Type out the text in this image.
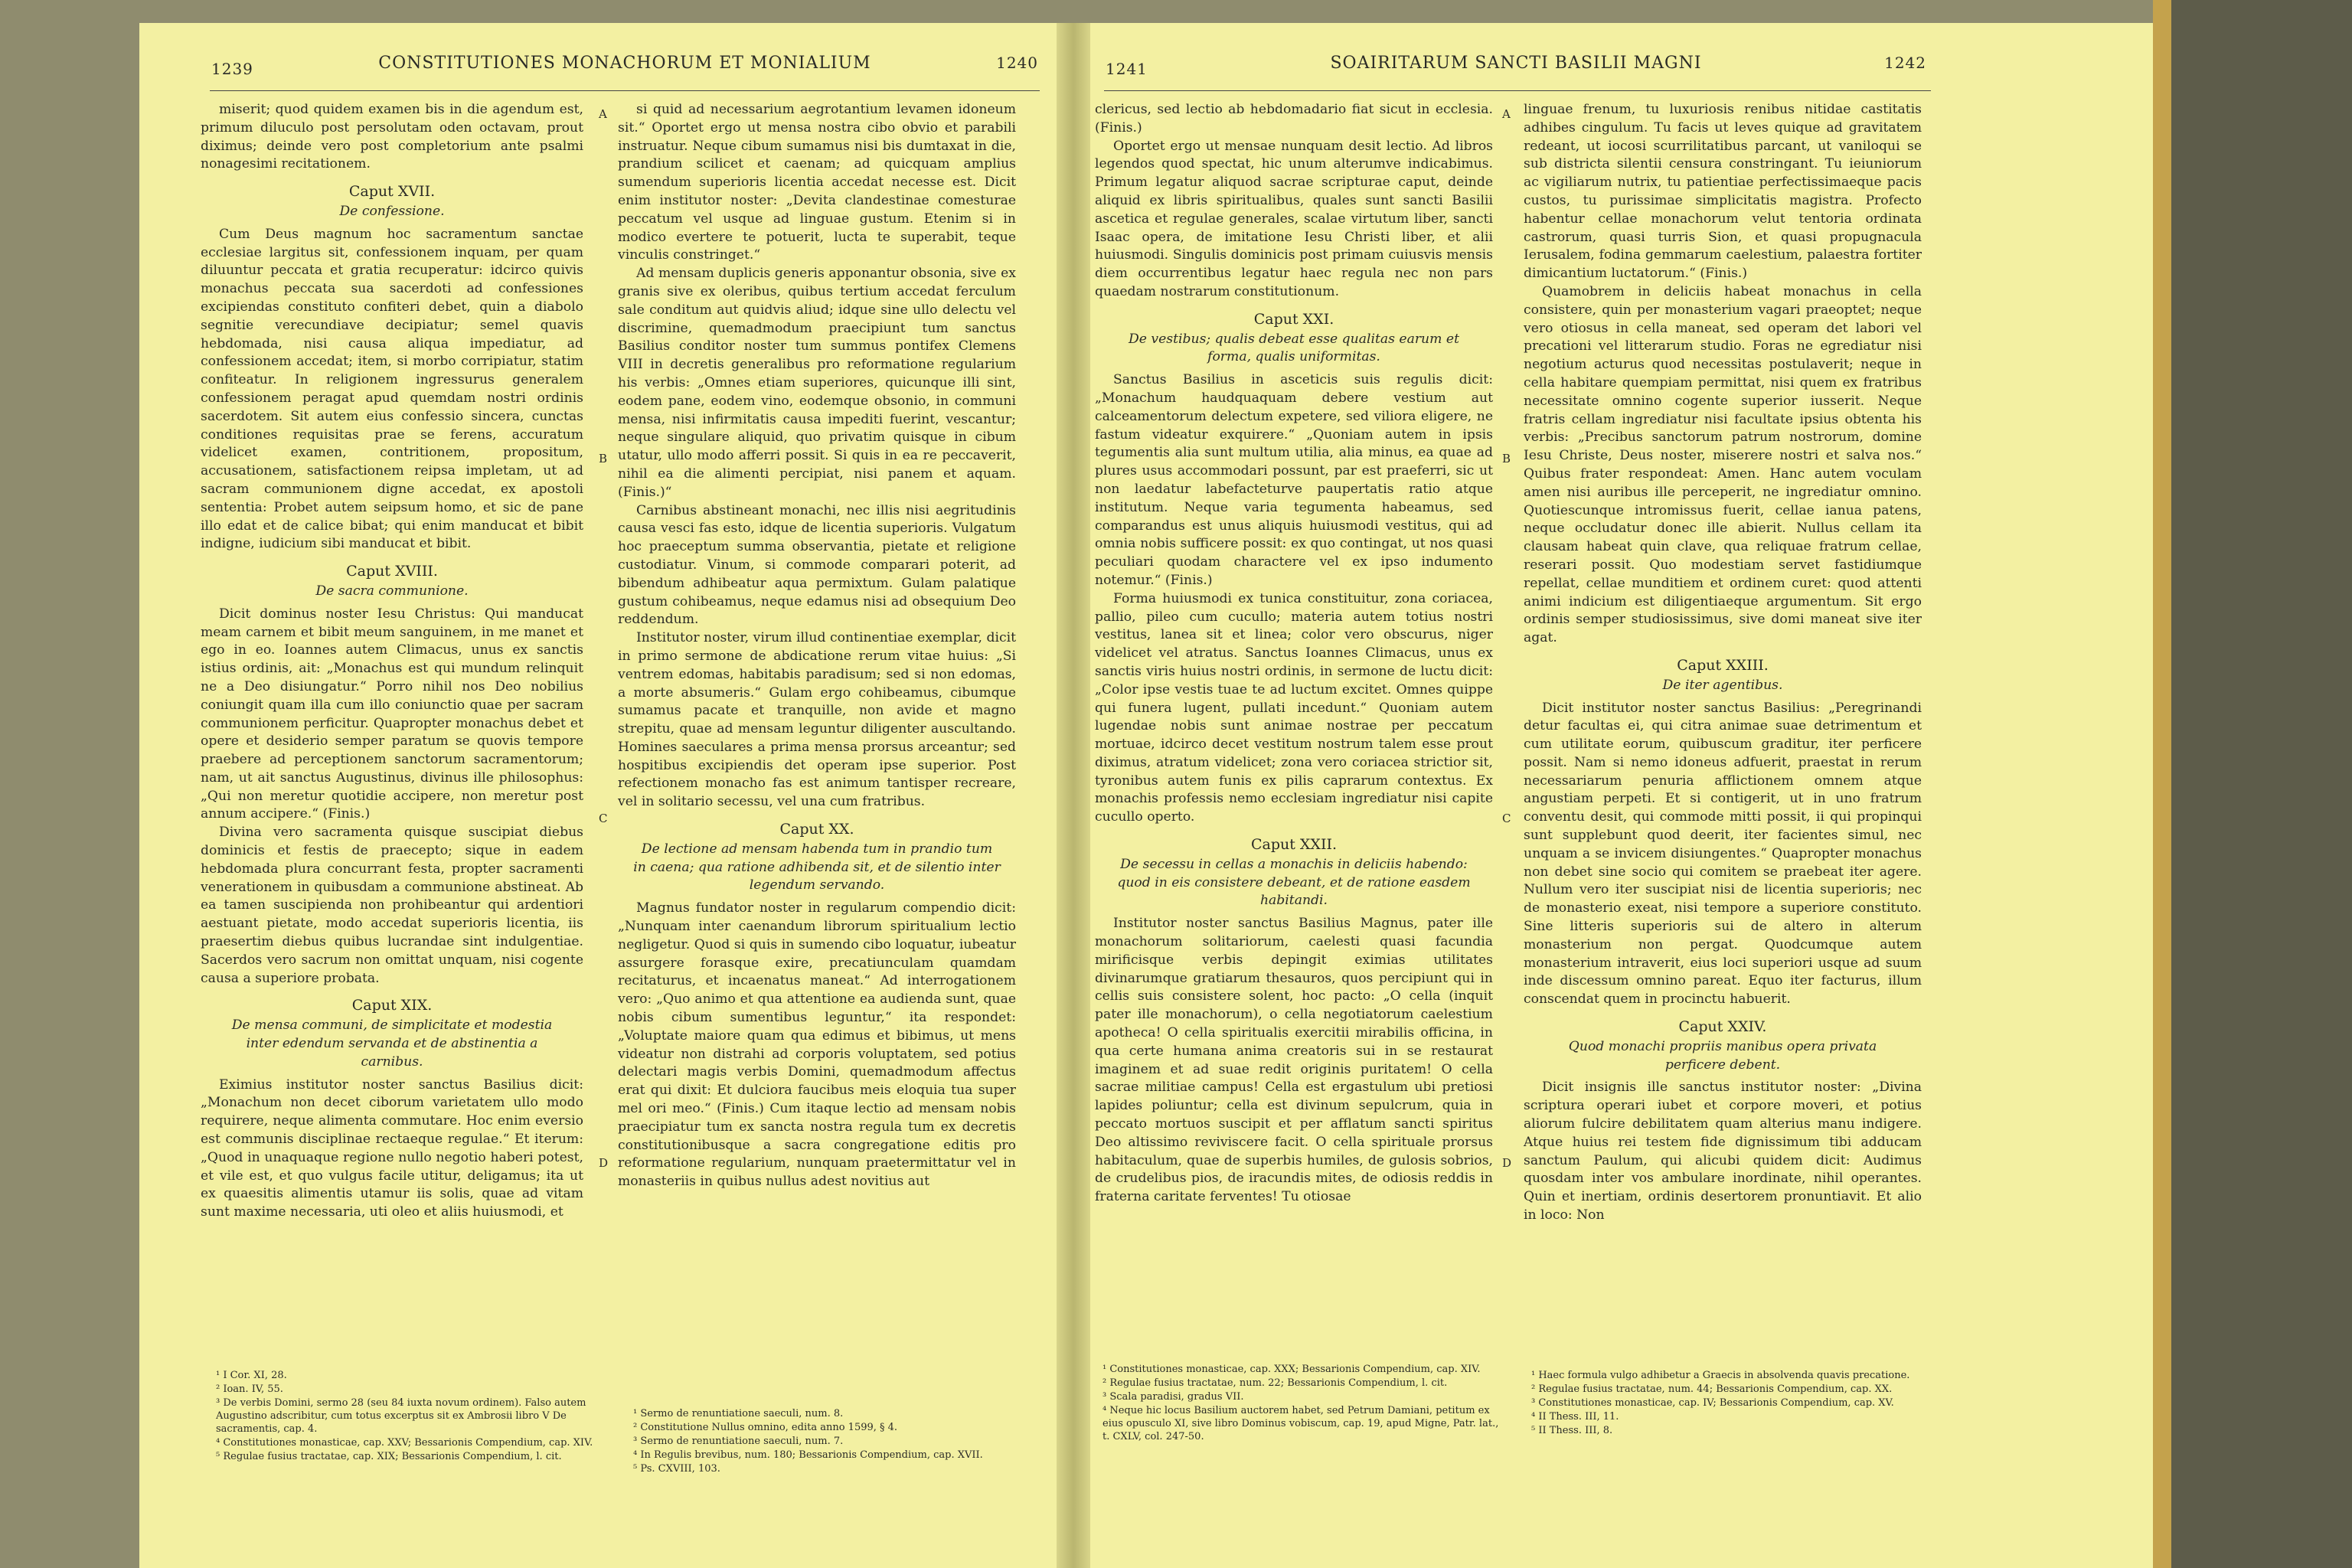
1239	CONSTITUTIONES MONACHORUM ET MONIALIUM	1240

miserit; quod quidem examen bis in die agendum est, primum diluculo post persolutam oden octavam, prout diximus; deinde vero post completorium ante psalmi nonagesimi recitationem.

Caput XVII.
De confessione.

Cum Deus magnum hoc sacramentum sanctae ecclesiae largitus sit, confessionem inquam, per quam diluuntur peccata et gratia recuperatur: idcirco quivis monachus peccata sua sacerdoti ad confessiones excipiendas constituto confiteri debet, quin a diabolo segnitie verecundiave decipiatur; semel quavis hebdomada, nisi causa aliqua impediatur, ad confessionem accedat; item, si morbo corripiatur, statim confiteatur. In religionem ingressurus generalem confessionem peragat apud quemdam nostri ordinis sacerdotem. Sit autem eius confessio sincera, cunctas conditiones requisitas prae se ferens, accuratum videlicet examen, contritionem, propositum, accusationem, satisfactionem reipsa impletam, ut ad sacram communionem digne accedat, ex apostoli sententia: Probet autem seipsum homo, et sic de pane illo edat et de calice bibat; qui enim manducat et bibit indigne, iudicium sibi manducat et bibit.

Caput XVIII.
De sacra communione.

Dicit dominus noster Iesu Christus: Qui manducat meam carnem et bibit meum sanguinem, in me manet et ego in eo. Ioannes autem Climacus, unus ex sanctis istius ordinis, ait: „Monachus est qui mundum relinquit ne a Deo disiungatur.“ Porro nihil nos Deo nobilius coniungit quam illa cum illo coniunctio quae per sacram communionem perficitur. Quapropter monachus debet et opere et desiderio semper paratum se quovis tempore praebere ad perceptionem sanctorum sacramentorum; nam, ut ait sanctus Augustinus, divinus ille philosophus: „Qui non meretur quotidie accipere, non meretur post annum accipere.“ (Finis.)

Divina vero sacramenta quisque suscipiat diebus dominicis et festis de praecepto; sique in eadem hebdomada plura concurrant festa, propter sacramenti venerationem in quibusdam a communione abstineat. Ab ea tamen suscipienda non prohibeantur qui ardentiori aestuant pietate, modo accedat superioris licentia, iis praesertim diebus quibus lucrandae sint indulgentiae. Sacerdos vero sacrum non omittat unquam, nisi cogente causa a superiore probata.

Caput XIX.
De mensa communi, de simplicitate et modestia inter edendum servanda et de abstinentia a carnibus.

Eximius institutor noster sanctus Basilius dicit: „Monachum non decet ciborum varietatem ullo modo requirere, neque alimenta commutare. Hoc enim eversio est communis disciplinae rectaeque regulae.“ Et iterum: „Quod in unaquaque regione nullo negotio haberi potest, et vile est, et quo vulgus facile utitur, deligamus; ita ut ex quaesitis alimentis utamur iis solis, quae ad vitam sunt maxime necessaria, uti oleo et aliis huiusmodi, et

si quid ad necessarium aegrotantium levamen idoneum sit.“ Oportet ergo ut mensa nostra cibo obvio et parabili instruatur. Neque cibum sumamus nisi bis dumtaxat in die, prandium scilicet et caenam; ad quicquam amplius sumendum superioris licentia accedat necesse est. Dicit enim institutor noster: „Devita clandestinae comesturae peccatum vel usque ad linguae gustum. Etenim si in modico evertere te potuerit, lucta te superabit, teque vinculis constringet.“

Ad mensam duplicis generis apponantur obsonia, sive ex granis sive ex oleribus, quibus tertium accedat ferculum sale conditum aut quidvis aliud; idque sine ullo delectu vel discrimine, quemadmodum praecipiunt tum sanctus Basilius conditor noster tum summus pontifex Clemens VIII in decretis generalibus pro reformatione regularium his verbis: „Omnes etiam superiores, quicunque illi sint, eodem pane, eodem vino, eodemque obsonio, in communi mensa, nisi infirmitatis causa impediti fuerint, vescantur; neque singulare aliquid, quo privatim quisque in cibum utatur, ullo modo afferri possit. Si quis in ea re peccaverit, nihil ea die alimenti percipiat, nisi panem et aquam. (Finis.)“

Carnibus abstineant monachi, nec illis nisi aegritudinis causa vesci fas esto, idque de licentia superioris. Vulgatum hoc praeceptum summa observantia, pietate et religione custodiatur. Vinum, si commode comparari poterit, ad bibendum adhibeatur aqua permixtum. Gulam palatique gustum cohibeamus, neque edamus nisi ad obsequium Deo reddendum.

Institutor noster, virum illud continentiae exemplar, dicit in primo sermone de abdicatione rerum vitae huius: „Si ventrem edomas, habitabis paradisum; sed si non edomas, a morte absumeris.“ Gulam ergo cohibeamus, cibumque sumamus pacate et tranquille, non avide et magno strepitu, quae ad mensam leguntur diligenter auscultando. Homines saeculares a prima mensa prorsus arceantur; sed hospitibus excipiendis det operam ipse superior. Post refectionem monacho fas est animum tantisper recreare, vel in solitario secessu, vel una cum fratribus.

Caput XX.
De lectione ad mensam habenda tum in prandio tum in caena; qua ratione adhibenda sit, et de silentio inter legendum servando.

Magnus fundator noster in regularum compendio dicit: „Nunquam inter caenandum librorum spiritualium lectio negligetur. Quod si quis in sumendo cibo loquatur, iubeatur assurgere forasque exire, precatiunculam quamdam recitaturus, et incaenatus maneat.“ Ad interrogationem vero: „Quo animo et qua attentione ea audienda sunt, quae nobis cibum sumentibus leguntur,“ ita respondet: „Voluptate maiore quam qua edimus et bibimus, ut mens videatur non distrahi ad corporis voluptatem, sed potius delectari magis verbis Domini, quemadmodum affectus erat qui dixit: Et dulciora faucibus meis eloquia tua super mel ori meo.“ (Finis.) Cum itaque lectio ad mensam nobis praecipiatur tum ex sancta nostra regula tum ex decretis constitutionibusque a sacra congregatione editis pro reformatione regularium, nunquam praetermittatur vel in monasteriis in quibus nullus adest novitius aut

A
B
C
D
¹ I Cor. XI, 28.
² Ioan. IV, 55.
³ De verbis Domini, sermo 28 (seu 84 iuxta novum ordinem). Falso autem Augustino adscribitur, cum totus excerptus sit ex Ambrosii libro V De sacramentis, cap. 4.
⁴ Constitutiones monasticae, cap. XXV; Bessarionis Compendium, cap. XIV.
⁵ Regulae fusius tractatae, cap. XIX; Bessarionis Compendium, l. cit.
¹ Sermo de renuntiatione saeculi, num. 8.
² Constitutione Nullus omnino, edita anno 1599, § 4.
³ Sermo de renuntiatione saeculi, num. 7.
⁴ In Regulis brevibus, num. 180; Bessarionis Compendium, cap. XVII.
⁵ Ps. CXVIII, 103.
1241	SOAIRITARUM SANCTI BASILII MAGNI	1242

clericus, sed lectio ab hebdomadario fiat sicut in ecclesia. (Finis.)

Oportet ergo ut mensae nunquam desit lectio. Ad libros legendos quod spectat, hic unum alterumve indicabimus. Primum legatur aliquod sacrae scripturae caput, deinde aliquid ex libris spiritualibus, quales sunt sancti Basilii ascetica et regulae generales, scalae virtutum liber, sancti Isaac opera, de imitatione Iesu Christi liber, et alii huiusmodi. Singulis dominicis post primam cuiusvis mensis diem occurrentibus legatur haec regula nec non pars quaedam nostrarum constitutionum.

Caput XXI.
De vestibus; qualis debeat esse qualitas earum et forma, qualis uniformitas.

Sanctus Basilius in asceticis suis regulis dicit: „Monachum haudquaquam debere vestium aut calceamentorum delectum expetere, sed viliora eligere, ne fastum videatur exquirere.“ „Quoniam autem in ipsis tegumentis alia sunt multum utilia, alia minus, ea quae ad plures usus accommodari possunt, par est praeferri, sic ut non laedatur labefacteturve paupertatis ratio atque institutum. Neque varia tegumenta habeamus, sed comparandus est unus aliquis huiusmodi vestitus, qui ad omnia nobis sufficere possit: ex quo contingat, ut nos quasi peculiari quodam charactere vel ex ipso indumento notemur.“ (Finis.)

Forma huiusmodi ex tunica constituitur, zona coriacea, pallio, pileo cum cucullo; materia autem totius nostri vestitus, lanea sit et linea; color vero obscurus, niger videlicet vel atratus. Sanctus Ioannes Climacus, unus ex sanctis viris huius nostri ordinis, in sermone de luctu dicit: „Color ipse vestis tuae te ad luctum excitet. Omnes quippe qui funera lugent, pullati incedunt.“ Quoniam autem lugendae nobis sunt animae nostrae per peccatum mortuae, idcirco decet vestitum nostrum talem esse prout diximus, atratum videlicet; zona vero coriacea strictior sit, tyronibus autem funis ex pilis caprarum contextus. Ex monachis professis nemo ecclesiam ingrediatur nisi capite cucullo operto.

Caput XXII.
De secessu in cellas a monachis in deliciis habendo: quod in eis consistere debeant, et de ratione easdem habitandi.

Institutor noster sanctus Basilius Magnus, pater ille monachorum solitariorum, caelesti quasi facundia mirificisque verbis depingit eximias utilitates divinarumque gratiarum thesauros, quos percipiunt qui in cellis suis consistere solent, hoc pacto: „O cella (inquit pater ille monachorum), o cella negotiatorum caelestium apotheca! O cella spiritualis exercitii mirabilis officina, in qua certe humana anima creatoris sui in se restaurat imaginem et ad suae redit originis puritatem! O cella sacrae militiae campus! Cella est ergastulum ubi pretiosi lapides poliuntur; cella est divinum sepulcrum, quia in peccato mortuos suscipit et per afflatum sancti spiritus Deo altissimo reviviscere facit. O cella spirituale prorsus habitaculum, quae de superbis humiles, de gulosis sobrios, de crudelibus pios, de iracundis mites, de odiosis reddis in fraterna caritate ferventes! Tu otiosae

linguae frenum, tu luxuriosis renibus nitidae castitatis adhibes cingulum. Tu facis ut leves quique ad gravitatem redeant, ut iocosi scurrilitatibus parcant, ut vaniloqui se sub districta silentii censura constringant. Tu ieiuniorum ac vigiliarum nutrix, tu patientiae perfectissimaeque pacis custos, tu purissimae simplicitatis magistra. Profecto habentur cellae monachorum velut tentoria ordinata castrorum, quasi turris Sion, et quasi propugnacula Ierusalem, fodina gemmarum caelestium, palaestra fortiter dimicantium luctatorum.“ (Finis.)

Quamobrem in deliciis habeat monachus in cella consistere, quin per monasterium vagari praeoptet; neque vero otiosus in cella maneat, sed operam det labori vel precationi vel litterarum studio. Foras ne egrediatur nisi negotium acturus quod necessitas postulaverit; neque in cella habitare quempiam permittat, nisi quem ex fratribus necessitate omnino cogente superior iusserit. Neque fratris cellam ingrediatur nisi facultate ipsius obtenta his verbis: „Precibus sanctorum patrum nostrorum, domine Iesu Christe, Deus noster, miserere nostri et salva nos.“ Quibus frater respondeat: Amen. Hanc autem voculam amen nisi auribus ille perceperit, ne ingrediatur omnino. Quotiescunque intromissus fuerit, cellae ianua patens, neque occludatur donec ille abierit. Nullus cellam ita clausam habeat quin clave, qua reliquae fratrum cellae, reserari possit. Quo modestiam servet fastidiumque repellat, cellae munditiem et ordinem curet: quod attenti animi indicium est diligentiaeque argumentum. Sit ergo ordinis semper studiosissimus, sive domi maneat sive iter agat.

Caput XXIII.
De iter agentibus.

Dicit institutor noster sanctus Basilius: „Peregrinandi detur facultas ei, qui citra animae suae detrimentum et cum utilitate eorum, quibuscum graditur, iter perficere possit. Nam si nemo idoneus adfuerit, praestat in rerum necessariarum penuria afflictionem omnem atque angustiam perpeti. Et si contigerit, ut in uno fratrum conventu desit, qui commode mitti possit, ii qui propinqui sunt supplebunt quod deerit, iter facientes simul, nec unquam a se invicem disiungentes.“ Quapropter monachus non debet sine socio qui comitem se praebeat iter agere. Nullum vero iter suscipiat nisi de licentia superioris; nec de monasterio exeat, nisi tempore a superiore constituto. Sine litteris superioris sui de altero in alterum monasterium non pergat. Quodcumque autem monasterium intraverit, eius loci superiori usque ad suum inde discessum omnino pareat. Equo iter facturus, illum conscendat quem in procinctu habuerit.

Caput XXIV.
Quod monachi propriis manibus opera privata perficere debent.

Dicit insignis ille sanctus institutor noster: „Divina scriptura operari iubet et corpore moveri, et potius aliorum fulcire debilitatem quam alterius manu indigere. Atque huius rei testem fide dignissimum tibi adducam sanctum Paulum, qui alicubi quidem dicit: Audimus quosdam inter vos ambulare inordinate, nihil operantes. Quin et inertiam, ordinis desertorem pronuntiavit. Et alio in loco: Non

A
B
C
D
¹ Constitutiones monasticae, cap. XXX; Bessarionis Compendium, cap. XIV.
² Regulae fusius tractatae, num. 22; Bessarionis Compendium, l. cit.
³ Scala paradisi, gradus VII.
⁴ Neque hic locus Basilium auctorem habet, sed Petrum Damiani, petitum ex eius opusculo XI, sive libro Dominus vobiscum, cap. 19, apud Migne, Patr. lat., t. CXLV, col. 247-50.
¹ Haec formula vulgo adhibetur a Graecis in absolvenda quavis precatione.
² Regulae fusius tractatae, num. 44; Bessarionis Compendium, cap. XX.
³ Constitutiones monasticae, cap. IV; Bessarionis Compendium, cap. XV.
⁴ II Thess. III, 11.
⁵ II Thess. III, 8.
